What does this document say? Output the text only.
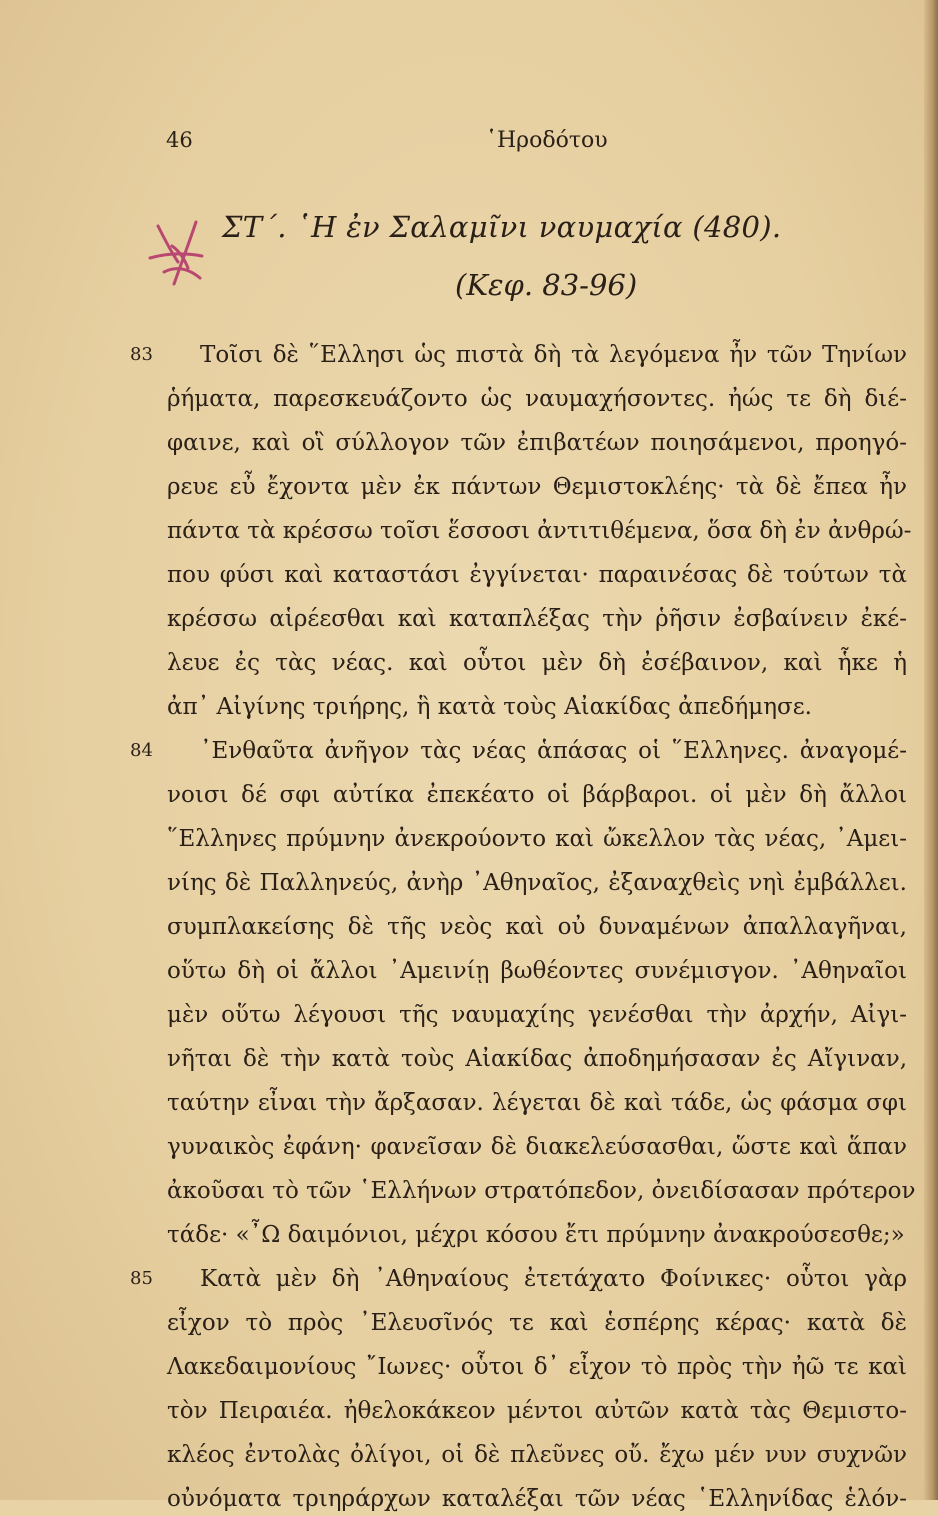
46	῾Ηροδότου
ΣΤ΄. ῾Η ἐν Σαλαμῖνι ναυμαχία (480).
(Κεφ. 83-96)
83
84
85
Τοῖσι δὲ ῞Ελλησι ὡς πιστὰ δὴ τὰ λεγόμενα ἦν τῶν Τηνίων
ῥήματα, παρεσκευάζοντο ὡς ναυμαχήσοντες. ἠώς τε δὴ διέ-
φαινε, καὶ οἳ σύλλογον τῶν ἐπιβατέων ποιησάμενοι, προηγό-
ρευε εὖ ἔχοντα μὲν ἐκ πάντων Θεμιστοκλέης· τὰ δὲ ἔπεα ἦν
πάντα τὰ κρέσσω τοῖσι ἕσσοσι ἀντιτιθέμενα, ὅσα δὴ ἐν ἀνθρώ-
που φύσι καὶ καταστάσι ἐγγίνεται· παραινέσας δὲ τούτων τὰ
κρέσσω αἱρέεσθαι καὶ καταπλέξας τὴν ῥῆσιν ἐσβαίνειν ἐκέ-
λευε ἐς τὰς νέας. καὶ οὗτοι μὲν δὴ ἐσέβαινον, καὶ ἧκε ἡ
ἀπ᾿ Αἰγίνης τριήρης, ἣ κατὰ τοὺς Αἰακίδας ἀπεδήμησε.
᾿Ενθαῦτα ἀνῆγον τὰς νέας ἁπάσας οἱ ῞Ελληνες. ἀναγομέ-
νοισι δέ σφι αὐτίκα ἐπεκέατο οἱ βάρβαροι. οἱ μὲν δὴ ἄλλοι
῞Ελληνες πρύμνην ἀνεκρούοντο καὶ ὤκελλον τὰς νέας, ᾿Αμει-
νίης δὲ Παλληνεύς, ἀνὴρ ᾿Αθηναῖος, ἐξαναχθεὶς νηὶ ἐμβάλλει.
συμπλακείσης δὲ τῆς νεὸς καὶ οὐ δυναμένων ἀπαλλαγῆναι,
οὕτω δὴ οἱ ἄλλοι ᾿Αμεινίῃ βωθέοντες συνέμισγον. ᾿Αθηναῖοι
μὲν οὕτω λέγουσι τῆς ναυμαχίης γενέσθαι τὴν ἀρχήν, Αἰγι-
νῆται δὲ τὴν κατὰ τοὺς Αἰακίδας ἀποδημήσασαν ἐς Αἴγιναν,
ταύτην εἶναι τὴν ἄρξασαν. λέγεται δὲ καὶ τάδε, ὡς φάσμα σφι
γυναικὸς ἐφάνη· φανεῖσαν δὲ διακελεύσασθαι, ὥστε καὶ ἅπαν
ἀκοῦσαι τὸ τῶν ῾Ελλήνων στρατόπεδον, ὀνειδίσασαν πρότερον
τάδε· «῏Ω δαιμόνιοι, μέχρι κόσου ἔτι πρύμνην ἀνακρούσεσθε;»
Κατὰ μὲν δὴ ᾿Αθηναίους ἐτετάχατο Φοίνικες· οὗτοι γὰρ
εἶχον τὸ πρὸς ᾿Ελευσῖνός τε καὶ ἑσπέρης κέρας· κατὰ δὲ
Λακεδαιμονίους ῎Ιωνες· οὗτοι δ᾿ εἶχον τὸ πρὸς τὴν ἠῶ τε καὶ
τὸν Πειραιέα. ἠθελοκάκεον μέντοι αὐτῶν κατὰ τὰς Θεμιστο-
κλέος ἐντολὰς ὀλίγοι, οἱ δὲ πλεῦνες οὔ. ἔχω μέν νυν συχνῶν
οὐνόματα τριηράρχων καταλέξαι τῶν νέας ῾Ελληνίδας ἑλόν-
